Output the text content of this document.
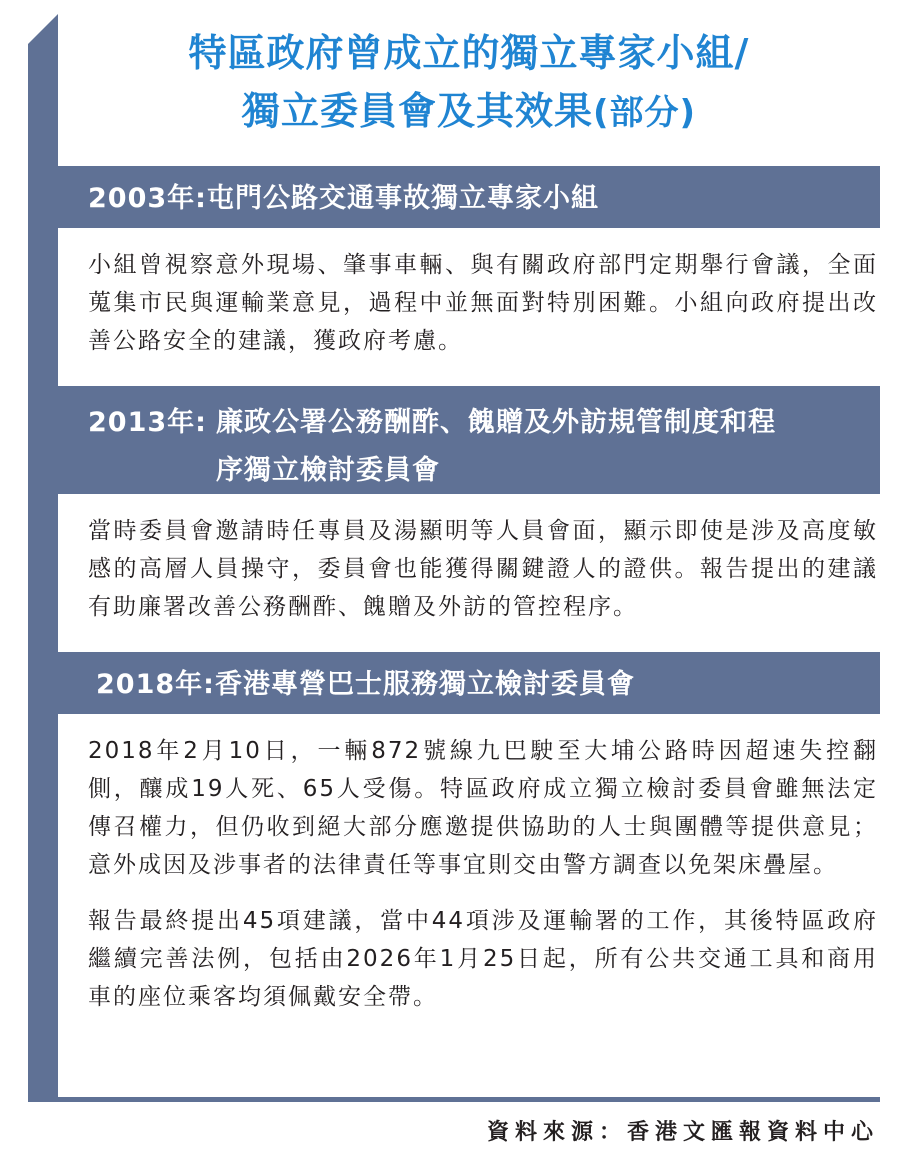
特區政府曾成立的獨立專家小組/
獨立委員會及其效果(部分)
2003年:屯門公路交通事故獨立專家小組

小組曾視察意外現場、肇事車輛、與有關政府部門定期舉行會議，全面蒐集市民與運輸業意見，過程中並無面對特別困難。小組向政府提出改善公路安全的建議，獲政府考慮。

2013年: 廉政公署公務酬酢、餽贈及外訪規管制度和程
序獨立檢討委員會

當時委員會邀請時任專員及湯顯明等人員會面，顯示即使是涉及高度敏感的高層人員操守，委員會也能獲得關鍵證人的證供。報告提出的建議有助廉署改善公務酬酢、餽贈及外訪的管控程序。

2018年:香港專營巴士服務獨立檢討委員會

2018年2月10日，一輛872號線九巴駛至大埔公路時因超速失控翻側，釀成19人死、65人受傷。特區政府成立獨立檢討委員會雖無法定傳召權力，但仍收到絕大部分應邀提供協助的人士與團體等提供意見；意外成因及涉事者的法律責任等事宜則交由警方調查以免架床疊屋。

報告最終提出45項建議，當中44項涉及運輸署的工作，其後特區政府繼續完善法例，包括由2026年1月25日起，所有公共交通工具和商用車的座位乘客均須佩戴安全帶。

資料來源：香港文匯報資料中心
